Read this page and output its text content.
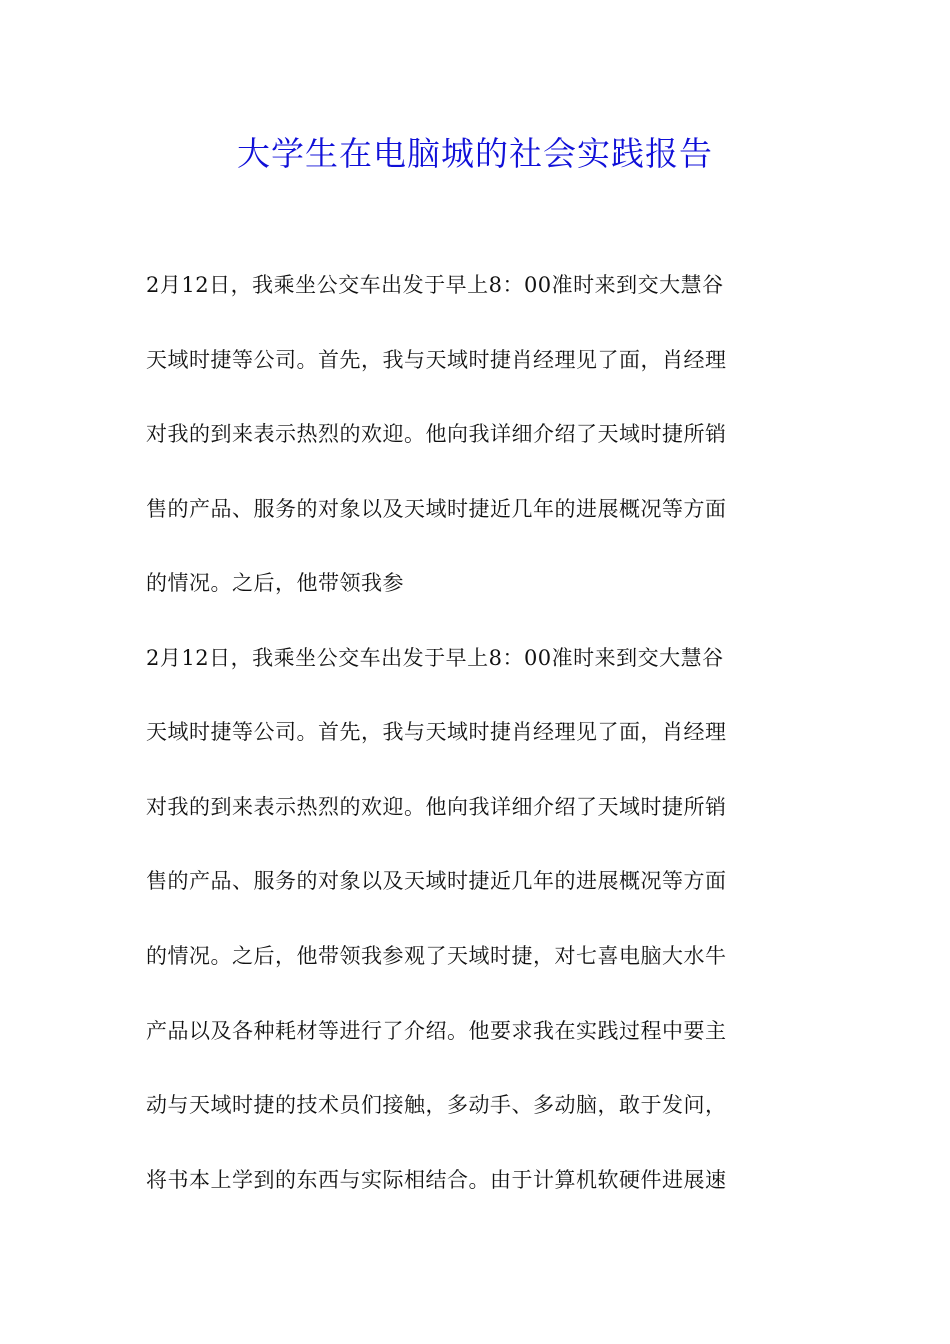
大学生在电脑城的社会实践报告
2月12日，我乘坐公交车出发于早上8：00准时来到交大慧谷
天域时捷等公司。首先，我与天域时捷肖经理见了面，肖经理
对我的到来表示热烈的欢迎。他向我详细介绍了天域时捷所销
售的产品、服务的对象以及天域时捷近几年的进展概况等方面
的情况。之后，他带领我参
2月12日，我乘坐公交车出发于早上8：00准时来到交大慧谷
天域时捷等公司。首先，我与天域时捷肖经理见了面，肖经理
对我的到来表示热烈的欢迎。他向我详细介绍了天域时捷所销
售的产品、服务的对象以及天域时捷近几年的进展概况等方面
的情况。之后，他带领我参观了天域时捷，对七喜电脑大水牛
产品以及各种耗材等进行了介绍。他要求我在实践过程中要主
动与天域时捷的技术员们接触，多动手、多动脑，敢于发问，
将书本上学到的东西与实际相结合。由于计算机软硬件进展速
